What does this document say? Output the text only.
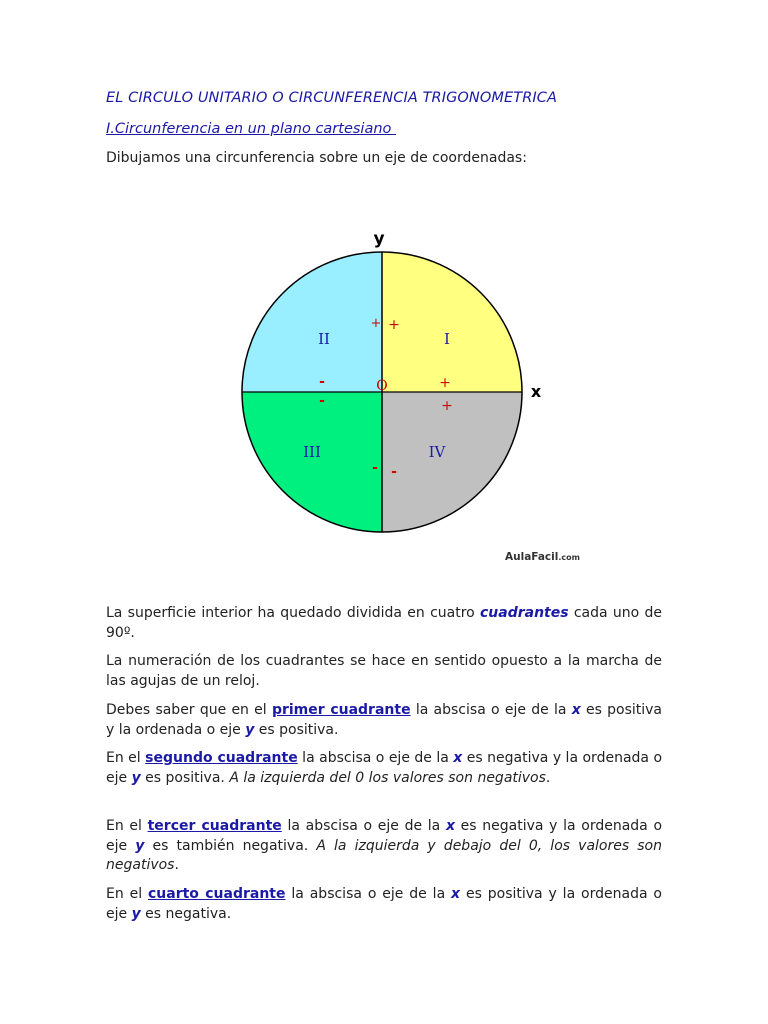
EL CIRCULO UNITARIO O CIRCUNFERENCIA TRIGONOMETRICA
I.Circunferencia en un plano cartesiano
Dibujamos una circunferencia sobre un eje de coordenadas:
y
x
I
II
III	IV
O
+ +
+
+
-
-
- -
AulaFacil.com
La superficie interior ha quedado dividida en cuatro cuadrantes cada uno de 90º.
La numeración de los cuadrantes se hace en sentido opuesto a la marcha de las agujas de un reloj.
Debes saber que en el primer cuadrante la abscisa o eje de la x es positiva y la ordenada o eje y es positiva.
En el segundo cuadrante la abscisa o eje de la x es negativa y la ordenada o eje y es positiva. A la izquierda del 0 los valores son negativos.
En el tercer cuadrante la abscisa o eje de la x es negativa y la ordenada o eje y es también negativa. A la izquierda y debajo del 0, los valores son negativos.
En el cuarto cuadrante la abscisa o eje de la x es positiva y la ordenada o eje y es negativa.
